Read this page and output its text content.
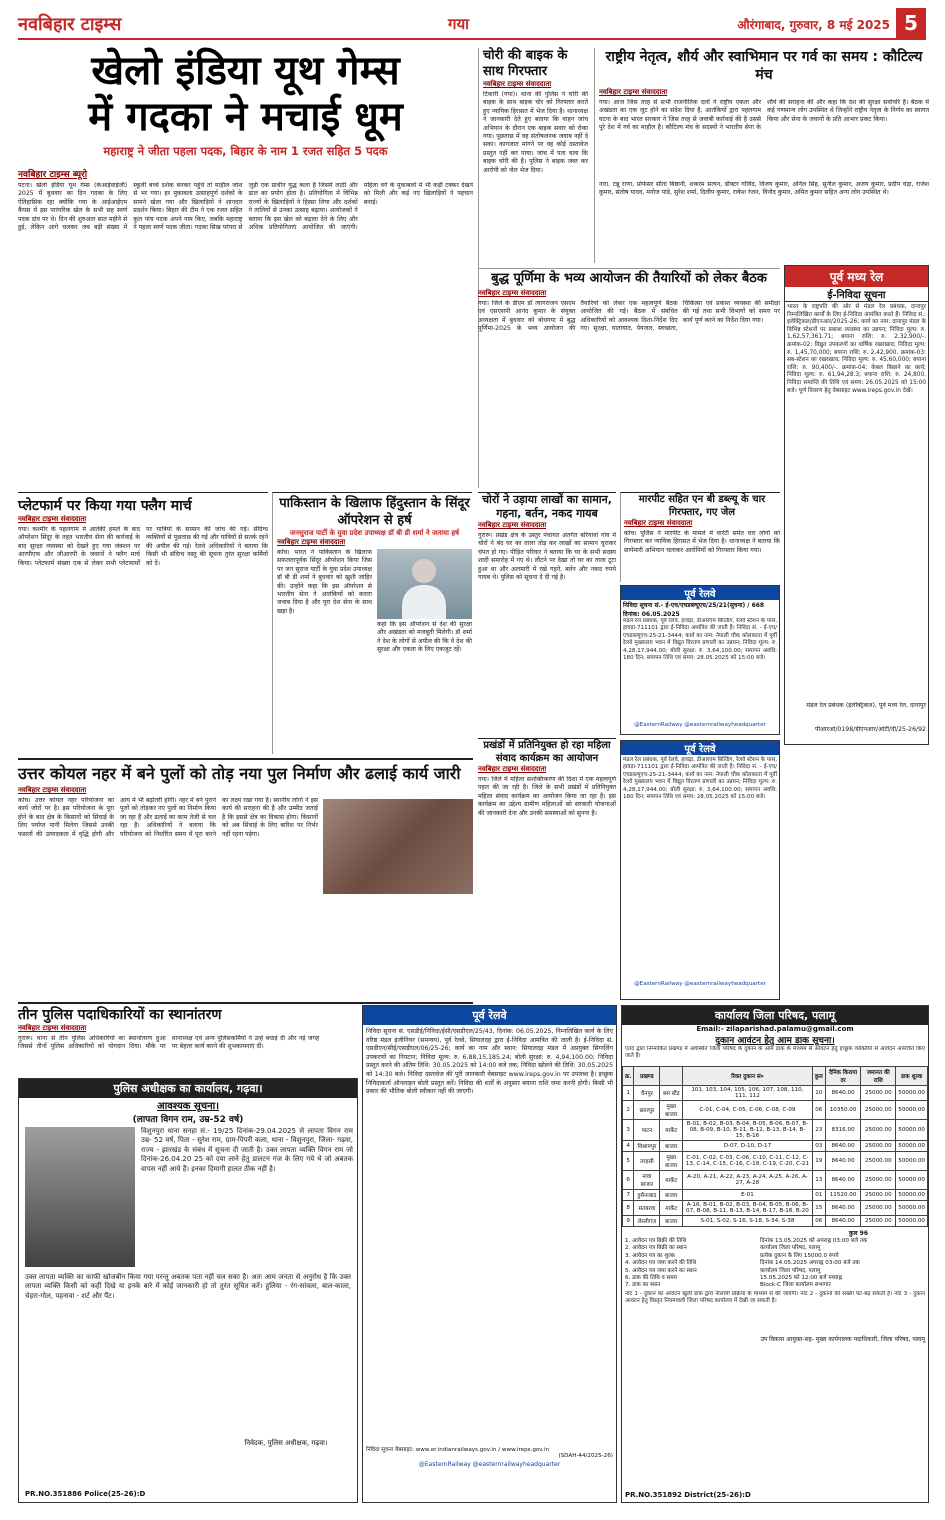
नवबिहार टाइम्स	गया	औरंगाबाद, गुरुवार, 8 मई 2025 5
खेलो इंडिया यूथ गेम्स
में गदका ने मचाई धूम
महाराष्ट्र ने जीता पहला पदक, बिहार के नाम 1 रजत सहित 5 पदक
नवबिहार टाइम्स ब्यूरो
पटना। खेलो इंडिया यूथ गेम्स (केआईवाईजी) 2025 में बुधवार का दिन गदका के लिए ऐतिहासिक रहा क्योंकि गया के आईआईएम कैंपस में इस पारंपरिक खेल के सभी छह स्वर्ण पदक दांव पर थे। दिन की शुरुआत सात महीने से हुई, लेकिन आगे चलकर जब बड़ी संख्या में स्कूली बच्चे दर्शक बनकर पहुंचे तो माहौल जोश से भर गया। हर मुकाबला उत्साहपूर्ण दर्शकों के सामने खेला गया और खिलाड़ियों ने शानदार प्रदर्शन किया। बिहार की टीम ने एक रजत सहित कुल पांच पदक अपने नाम किए, जबकि महाराष्ट्र ने पहला स्वर्ण पदक जीता। गदका सिख परंपरा से जुड़ी एक प्राचीन युद्ध कला है जिसमें लाठी और ढाल का प्रयोग होता है। प्रतियोगिता में विभिन्न राज्यों के खिलाड़ियों ने हिस्सा लिया और दर्शकों ने तालियों से उनका उत्साह बढ़ाया। आयोजकों ने बताया कि इस खेल को बढ़ावा देने के लिए और अधिक प्रतियोगिताएं आयोजित की जाएंगी। महिला वर्ग के मुकाबलों में भी कड़ी टक्कर देखने को मिली और कई नए खिलाड़ियों ने पहचान बनाई।
चोरी की बाइक के साथ गिरफ्तार
नवबिहार टाइम्स संवाददाता
टिकारी (गया)। थाना की पुलिस ने चोरी की बाइक के साथ बाइक चोर को गिरफ्तार करते हुए न्यायिक हिरासत में भेज दिया है। थानाध्यक्ष ने जानकारी देते हुए बताया कि वाहन जांच अभियान के दौरान एक बाइक सवार को रोका गया। पूछताछ में वह संतोषजनक जवाब नहीं दे सका। कागजात मांगने पर वह कोई दस्तावेज प्रस्तुत नहीं कर पाया। जांच में पता चला कि बाइक चोरी की है। पुलिस ने बाइक जब्त कर आरोपी को जेल भेज दिया।
राष्ट्रीय नेतृत्व, शौर्य और स्वाभिमान पर गर्व का समय : कौटिल्य मंच
नवबिहार टाइम्स संवाददाता
गया। आज जिस तरह से सभी राजनीतिक दलों ने राष्ट्रीय एकता और अखंडता का एक जुट होने का संदेश दिया है, आतंकियों द्वारा पहलगाम घटना के बाद भारत सरकार ने जिस तरह से जवाबी कार्रवाई की है उससे पूरे देश में गर्व का माहौल है। कौटिल्य मंच के सदस्यों ने भारतीय सेना के शौर्य की सराहना की और कहा कि देश की सुरक्षा सर्वोपरि है। बैठक में कई गणमान्य लोग उपस्थित थे जिन्होंने राष्ट्रीय नेतृत्व के निर्णय का स्वागत किया और सेना के जवानों के प्रति आभार प्रकट किया।
नारा, टन्नू राणा, प्रोफेसर सीता बिष्ठानी, शकरम सत्यन, डॉक्टर गोविंद, विजय कुमार, अनिल सिंह, सुनील कुमार, अजय कुमार, प्रदीप चंद्रा, राजेश कुमार, संतोष यादव, मनोज पांडे, सुरेश शर्मा, दिलीप कुमार, राकेश रंजन, विनोद कुमार, अमित कुमार सहित अन्य लोग उपस्थित थे।
पूर्व मध्य रेल
ई-निविदा सूचना
भारत के राष्ट्रपति की ओर से मंडल रेल प्रबंधक, दानापुर निम्नलिखित कार्यों के लिए ई-निविदा आमंत्रित करते हैं। निविदा सं.: इलेक्ट्रिकल/डीएनआर/2025-26; कार्य का नाम: दानापुर मंडल के विभिन्न स्टेशनों पर प्रकाश व्यवस्था का उन्नयन; निविदा मूल्य: रु. 1,62,57,361.71; बयाना राशि: रु. 2,32,900/-. क्रमांक-02: विद्युत उपकरणों का वार्षिक रखरखाव; निविदा मूल्य: रु. 1,45,70,000; बयाना राशि: रु. 2,42,900. क्रमांक-03: सब-स्टेशन का रखरखाव; निविदा मूल्य: रु. 45,60,000; बयाना राशि: रु. 90,400/-. क्रमांक-04: केबल बिछाने का कार्य; निविदा मूल्य: रु. 61,94,28.3; बयाना राशि: रु. 24,800. निविदा समाप्ति की तिथि एवं समय: 26.05.2025 को 15:00 बजे। पूर्ण विवरण हेतु वेबसाइट www.ireps.gov.in देखें।
मंडल रेल प्रबंधक (इलेक्ट्रिकल), पूर्व मध्य रेल, दानापुर
पीआरओ/0198/डीएनआर/ओटी/दी/25-26/92
बुद्ध पूर्णिमा के भव्य आयोजन की तैयारियों को लेकर बैठक
नवबिहार टाइम्स संवाददाता
गया। जिले के डीएम डॉ त्यागराजन एसएम एवं एसएसपी आनंद कुमार के संयुक्त अध्यक्षता में बुधवार को बोधगया में बुद्ध पूर्णिमा-2025 के भव्य आयोजन की तैयारियों को लेकर एक महत्वपूर्ण बैठक आयोजित की गई। बैठक में संबंधित अधिकारियों को आवश्यक दिशा-निर्देश दिए गए। सुरक्षा, यातायात, पेयजल, स्वच्छता, चिकित्सा एवं प्रकाश व्यवस्था की समीक्षा की गई तथा सभी विभागों को समय पर कार्य पूर्ण करने का निर्देश दिया गया।
प्लेटफार्म पर किया गया फ्लैग मार्च
नवबिहार टाइम्स संवाददाता
गया। कश्मीर के पहलगाम में आतंकी हमले के बाद ऑपरेशन सिंदूर के तहत भारतीय सेना की कार्रवाई के बाद सुरक्षा व्यवस्था को देखते हुए गया जंक्शन पर आरपीएफ और जीआरपी के जवानों ने फ्लैग मार्च किया। प्लेटफार्म संख्या एक से लेकर सभी प्लेटफार्मों पर यात्रियों के सामान की जांच की गई। संदिग्ध व्यक्तियों से पूछताछ की गई और यात्रियों से सतर्क रहने की अपील की गई। रेलवे अधिकारियों ने बताया कि किसी भी संदिग्ध वस्तु की सूचना तुरंत सुरक्षा कर्मियों को दें।
पाकिस्तान के खिलाफ हिंदुस्तान के सिंदूर ऑपरेशन से हर्ष
जनसुराज पार्टी के युवा प्रदेश उपाध्यक्ष डॉ बी डी शर्मा ने जताया हर्ष
नवबिहार टाइम्स संवाददाता
कोंच। भारत ने पाकिस्तान के खिलाफ सफलतापूर्वक सिंदूर ऑपरेशन किया जिस पर जन सुराज पार्टी के युवा प्रदेश उपाध्यक्ष डॉ बी डी शर्मा ने बुधवार को खुशी जाहिर की। उन्होंने कहा कि इस ऑपरेशन से भारतीय सेना ने आतंकियों को करारा जवाब दिया है और पूरा देश सेना के साथ खड़ा है।
कहा कि इस ऑपरेशन से देश की सुरक्षा और अखंडता को मजबूती मिलेगी। डॉ शर्मा ने देश के लोगों से अपील की कि वे देश की सुरक्षा और एकता के लिए एकजुट रहें।
चोरों ने उड़ाया लाखों का सामान, गहना, बर्तन, नकद गायब
नवबिहार टाइम्स संवाददाता
गुरारू। प्रखंड क्षेत्र के उस्तुर पंचायत अंतर्गत बरियावां गांव में चोरों ने बंद घर का ताला तोड़ कर लाखों का सामान चुराकर चंपत हो गए। पीड़ित परिवार ने बताया कि घर के सभी सदस्य शादी समारोह में गए थे। लौटने पर देखा तो घर का ताला टूटा हुआ था और अलमारी में रखे गहने, बर्तन और नकद रुपये गायब थे। पुलिस को सूचना दे दी गई है।
मारपीट सहित एन बी डब्ल्यू के चार गिरफ्तार, गए जेल
नवबिहार टाइम्स संवाददाता
कोंच। पुलिस ने मारपीट के मामले में वारंटी समेत चार लोगों को गिरफ्तार कर न्यायिक हिरासत में भेज दिया है। थानाध्यक्ष ने बताया कि छापेमारी अभियान चलाकर आरोपियों को गिरफ्तार किया गया।
पूर्व रेलवे
निविदा सूचना सं.- ई-एच/एचडब्ल्यूएच/25/21(सूचना) / 668
दिनांक: 06.05.2025
मंडल रेल प्रबंधक, पूर्व रेलवे, हावड़ा, डीआरएम बिल्डिंग, रेलवे स्टेशन के पास, हावड़ा-711101 द्वारा ई-निविदा आमंत्रित की जाती है। निविदा सं. - ई-एच/एचडब्ल्यूएच-25-21-3444; कार्य का नाम: नेपाली चौक कोलकाता में पूर्वी रेलवे मुख्यालय भवन में विद्युत विरतण प्रणाली का उन्नयन; निविदा मूल्य: रु. 4,28,17,944.00; बोली सुरक्षा: रु. 3,64,100.00; समापन अवधि: 180 दिन; समापन तिथि एवं समय: 28.05.2025 को 15:00 बजे।
@EasternRailway @easternrailwayheadquarter
उत्तर कोयल नहर में बने पुलों को तोड़ नया पुल निर्माण और ढलाई कार्य जारी
नवबिहार टाइम्स संवाददाता
कोंच। उत्तर कोयल नहर परियोजना का कार्य जोरों पर है। इस परियोजना के पूरा होने के बाद क्षेत्र के किसानों को सिंचाई के लिए पर्याप्त पानी मिलेगा जिससे उनकी फसलों की उत्पादकता में वृद्धि होगी और आय में भी बढ़ोतरी होगी। नहर में बने पुराने पुलों को तोड़कर नए पुलों का निर्माण किया जा रहा है और ढलाई का काम तेजी से चल रहा है। अधिकारियों ने बताया कि परियोजना को निर्धारित समय में पूरा करने का लक्ष्य रखा गया है। स्थानीय लोगों ने इस कार्य की सराहना की है और उम्मीद जताई है कि इससे क्षेत्र का विकास होगा। किसानों को अब सिंचाई के लिए बारिश पर निर्भर नहीं रहना पड़ेगा।
प्रखंडों में प्रतिनियुक्त हो रहा महिला संवाद कार्यक्रम का आयोजन
नवबिहार टाइम्स संवाददाता
गया। जिले में महिला सशक्तिकरण की दिशा में एक महत्वपूर्ण पहल की जा रही है। जिले के सभी प्रखंडों में प्रतिनियुक्त महिला संवाद कार्यक्रम का आयोजन किया जा रहा है। इस कार्यक्रम का उद्देश्य ग्रामीण महिलाओं को सरकारी योजनाओं की जानकारी देना और उनकी समस्याओं को सुनना है।
पूर्व रेलवे
मंडल रेल प्रबंधक, पूर्व रेलवे, हावड़ा, डीआरएम बिल्डिंग, रेलवे स्टेशन के पास, हावड़ा-711101 द्वारा ई-निविदा आमंत्रित की जाती है। निविदा सं. - ई-एच/एचडब्ल्यूएच-25-21-3444; कार्य का नाम: नेपाली चौक कोलकाता में पूर्वी रेलवे मुख्यालय भवन में विद्युत विरतण प्रणाली का उन्नयन; निविदा मूल्य: रु. 4,28,17,944.00; बोली सुरक्षा: रु. 3,64,100.00; समापन अवधि: 180 दिन; समापन तिथि एवं समय: 28.05.2025 को 15:00 बजे।
@EasternRailway @easternrailwayheadquarter
तीन पुलिस पदाधिकारियों का स्थानांतरण
नवबिहार टाइम्स संवाददाता
गुरारू। थाना से तीन पुलिस अधिकारियों का स्थानांतरण हुआ जिससे तीनों पुलिस अधिकारियों को योगदान दिया। मौके पर थानाध्यक्ष एवं अन्य पुलिसकर्मियों ने उन्हें बधाई दी और नई जगह पर बेहतर कार्य करने की शुभकामनाएं दीं।
पुलिस अधीक्षक का कार्यालय, गढ़वा।
आवश्यक सूचना।
(लापता विगन राम, उम्र-52 वर्ष)
विशुनपुरा थाना सनहा सं.- 19/25 दिनांक-29.04.2025 से लापता विगन राम उम्र- 52 वर्ष, पिता - सुरेश राम, ग्राम-पिपरी कला, थाना - विशुनपुरा, जिला- गढ़वा, राज्य - झारखंड के संबंध में सूचना दी जाती है। उक्त लापता व्यक्ति विगन राम जो दिनांक-26.04.20 25 को दया लाने हेतु डालटन गंज के लिए गये थे जो अबतक वापस नहीं आये हैं। इनका दिमागी हालत ठीक नहीं है।
उक्त लापता व्यक्ति का काफी खोजबीन किया गया परन्तु अबतक पता नहीं चल सका है। अतः आम जनता से अनुरोध है कि उक्त लापता व्यक्ति किसी को कहीं दिखे या इनके बारे में कोई जानकारी हो तो तुरंत सूचित करें। हुलिया - रंग-सांवला, बाल-काला, चेहरा-गोल, पहनावा - शर्ट और पैंट।
निवेदक, पुलिस अधीक्षक, गढ़वा।
PR.NO.351886 Police(25-26):D
पूर्व रेलवे
निविदा सूचना सं. एसडीई/निविदा/ईसी/एसडीएल/25/43, दिनांक: 06.05.2025, निम्नलिखित कार्य के लिए वरिष्ठ मंडल इंजीनियर (समन्वय), पूर्व रेलवे, सियालदह द्वारा ई-निविदा आमंत्रित की जाती है। ई-निविदा सं. एसडीएन/सीई/एसडीएल/06/25-26; कार्य का नाम और स्थान: सियालदह मंडल में अप्रयुक्त सिग्नलिंग उपकरणों का निपटान; निविदा मूल्य: रु. 6,88,15,185.24; बोली सुरक्षा: रु. 4,94,100.00; निविदा प्रस्तुत करने की अंतिम तिथि: 30.05.2025 को 14:00 बजे तक; निविदा खोलने की तिथि: 30.05.2025 को 14:30 बजे। निविदा दस्तावेज की पूरी जानकारी वेबसाइट www.ireps.gov.in पर उपलब्ध है। इच्छुक निविदाकर्ता ऑनलाइन बोली प्रस्तुत करें। निविदा की शर्तों के अनुसार बयाना राशि जमा करनी होगी। किसी भी प्रकार की भौतिक बोली स्वीकार नहीं की जाएगी।
निविदा सूचना वेबसाइट: www.er.indianrailways.gov.in / www.ireps.gov.in
(SDAH-44/2025-26)
@EasternRailway @easternrailwayheadquarter
कार्यालय जिला परिषद, पलामू
Email:- zilaparishad.palamu@gmail.com
दुकान आवंटन हेतु आम डाक सूचना।
एतद द्वारा निम्नांकित प्रखण्ड में अवस्थित जिला परिषद के दुकान के आम डाक के माध्यम से आवंटन हेतु इच्छुक व्यक्तियों से आवेदन आमंत्रित किए जाते हैं।
क्र.	प्रखण्ड		रिक्त दुकान सं०	कुल	दैनिक किराया दर	जमानत की राशि	डाक शुल्क
1	चैनपुर	बस स्टैंड	101, 103, 104, 105, 106, 107, 108, 110, 111, 112	10	8640.00	25000.00	50000.00
2	छतरपुर	मुख्य बाजार	C-01, C-04, C-05, C-06, C-08, C-09	06	10350.00	25000.00	50000.00
3	पाटन	मार्केट	B-01, B-02, B-03, B-04, B-05, B-06, B-07, B-08, B-09, B-10, B-11, B-12, B-13, B-14, B-15, B-16	23	8316.00	25000.00	50000.00
4	विश्रामपुर	बाजार	D-07, D-10, D-17	03	8640.00	25000.00	50000.00
5	तरहसी	मुख्य बाजार	C-01, C-02, C-03, C-06, C-10, C-11, C-12, C-13, C-14, C-15, C-16, C-18, C-19, C-20, C-21	19	8640.00	25000.00	50000.00
6	नावा बाजार	मार्केट	A-20, A-21, A-22, A-23, A-24, A-25, A-26, A-27, A-28	13	8640.00	25000.00	50000.00
7	हुसैनाबाद	बाजार	E-01	01	11520.00	25000.00	50000.00
8	सतबरवा	मार्केट	A-16, B-01, B-02, B-03, B-04, B-05, B-06, B-07, B-08, B-11, B-13, B-14, B-17, B-18, B-20	15	8640.00	25000.00	50000.00
9	लेस्लीगंज	बाजार	S-01, S-02, S-16, S-18, S-34, S-38	06	8640.00	25000.00	50000.00
कुल 96
1. आवेदन पत्र बिक्री की तिथि	दिनांक 13.05.2025 को अपराह्न 03:00 बजे तक
2. आवेदन पत्र बिक्री का स्थान	कार्यालय जिला परिषद, पलामू
3. आवेदन पत्र का शुल्क	प्रत्येक दुकान के लिए 15000.0 रुपये
4. आवेदन पत्र जमा करने की तिथि	दिनांक 14.05.2025 अपराह्न 03:00 बजे तक
5. आवेदन पत्र जमा करने का स्थान	कार्यालय जिला परिषद, पलामू
6. डाक की तिथि व समय	15.05.2025 को 12:00 बजे मध्याह्न
7. डाक का स्थान	Block-C जिला कार्यालय सभागार
नोट 1 - दुकान का आवंटन खुली डाक द्वारा नीलामी प्रक्रिया के माध्यम से की जायेगी। नोट 2 - दुकानों की संख्या घट-बढ़ सकती है। नोट 3 - दुकान आवंटन हेतु विस्तृत नियमावली जिला परिषद कार्यालय में देखी जा सकती है।
उप विकास आयुक्त-सह- मुख्य कार्यपालक पदाधिकारी, जिला परिषद, पलामू
PR.NO.351892 District(25-26):D
